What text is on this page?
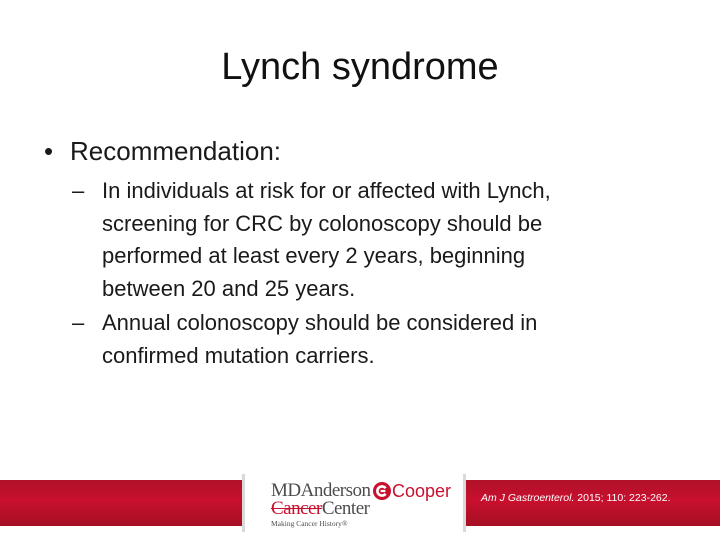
Lynch syndrome
• Recommendation:
– In individuals at risk for or affected with Lynch,
screening for CRC by colonoscopy should be
performed at least every 2 years, beginning
between 20 and 25 years.
– Annual colonoscopy should be considered in
confirmed mutation carriers.
MDAnderson
CancerCenter
Making Cancer History®
Cooper	Am J Gastroenterol. 2015; 110: 223-262.
